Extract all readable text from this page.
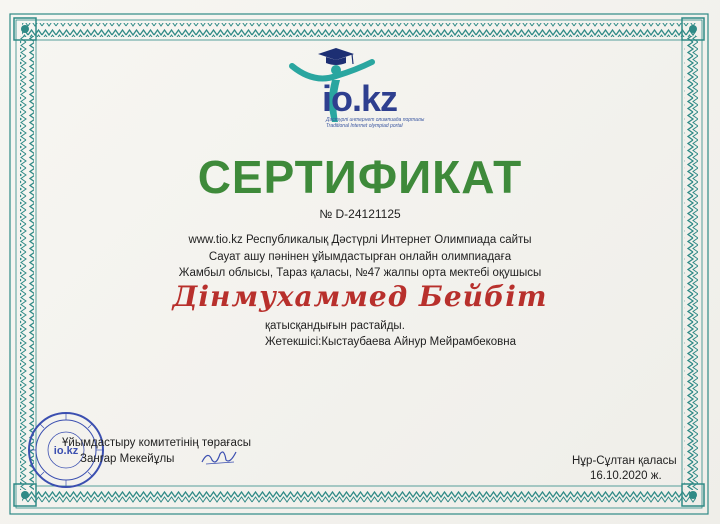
io.kz
Дәстүрлі интернет олимпиада порталы
Traditional Internet olympiad portal
СЕРТИФИКАТ
№ D-24121125
www.tio.kz Республикалық Дәстүрлі Интернет Олимпиада сайты
Сауат ашу пәнінен ұйымдастырған онлайн олимпиадаға
Жамбыл облысы, Тараз қаласы, №47 жалпы орта мектебі оқушысы
Дінмухаммед Бейбіт
қатысқандығын растайды.
Жетекшісі:Кыстаубаева Айнур Мейрамбековна
io.kz
Ұйымдастыру комитетінің төрағасы
Зангар Мекейұлы	Нұр-Сұлтан қаласы
16.10.2020 ж.
